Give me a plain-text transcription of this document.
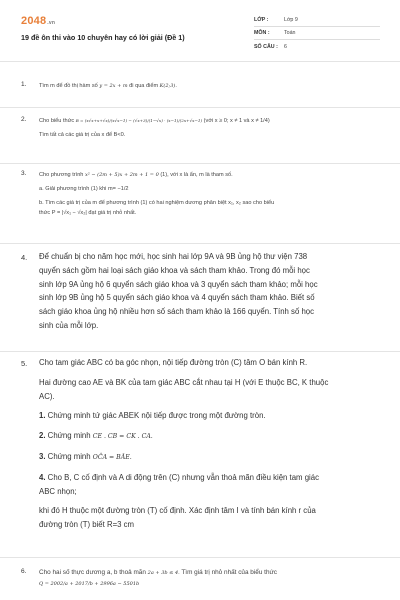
2048.vn
19 đề ôn thi vào 10 chuyên hay có lời giải (Đề 1)
LỚP :	Lớp 9
MÔN :	Toán
SỐ CÂU :	6
1. Tìm m để đồ thị hàm số y = 2x + m đi qua điểm K(2;3).
2. Cho biểu thức B = (x√x+x+√x)/(x√x−1) − (√x+3)/(1−√x) · (x−1)/(2x+√x−1) (với x ≥ 0; x ≠ 1 và x ≠ 1/4)
Tìm tất cả các giá trị của x để B<0.
3. Cho phương trình x² − (2m + 5)x + 2m + 1 = 0 (1), với x là ẩn, m là tham số.
a. Giải phương trình (1) khi m= −1/2
b. Tìm các giá trị của m để phương trình (1) có hai nghiệm dương phân biệt x₁, x₂ sao cho biểu
thức P = |√x₁ − √x₂| đạt giá trị nhỏ nhất.
4. Để chuẩn bị cho năm học mới, học sinh hai lớp 9A và 9B ủng hộ thư viện 738
quyển sách gồm hai loại sách giáo khoa và sách tham khảo. Trong đó mỗi học
sinh lớp 9A ủng hộ 6 quyển sách giáo khoa và 3 quyển sách tham khảo; mỗi học
sinh lớp 9B ủng hộ 5 quyển sách giáo khoa và 4 quyển sách tham khảo. Biết số
sách giáo khoa ủng hộ nhiều hơn số sách tham khảo là 166 quyển. Tính số học
sinh của mỗi lớp.
5. Cho tam giác ABC có ba góc nhọn, nội tiếp đường tròn (C) tâm O bán kính R.
Hai đường cao AE và BK của tam giác ABC cắt nhau tại H (với E thuộc BC, K thuộc
AC).
1. Chứng minh tứ giác ABEK nội tiếp được trong một đường tròn.
2. Chứng minh CE . CB = CK . CA.
3. Chứng minh OĈA = BÂE.
4. Cho B, C cố định và A di động trên (C) nhưng vẫn thoả mãn điều kiện tam giác
ABC nhọn;
khi đó H thuộc một đường tròn (T) cố định. Xác định tâm I và tính bán kính r của
đường tròn (T) biết R=3 cm
6. Cho hai số thực dương a, b thoả mãn 2a + 3b ≤ 4. Tìm giá trị nhỏ nhất của biểu thức
Q = 2002/a + 2017/b + 2996a − 5501b
